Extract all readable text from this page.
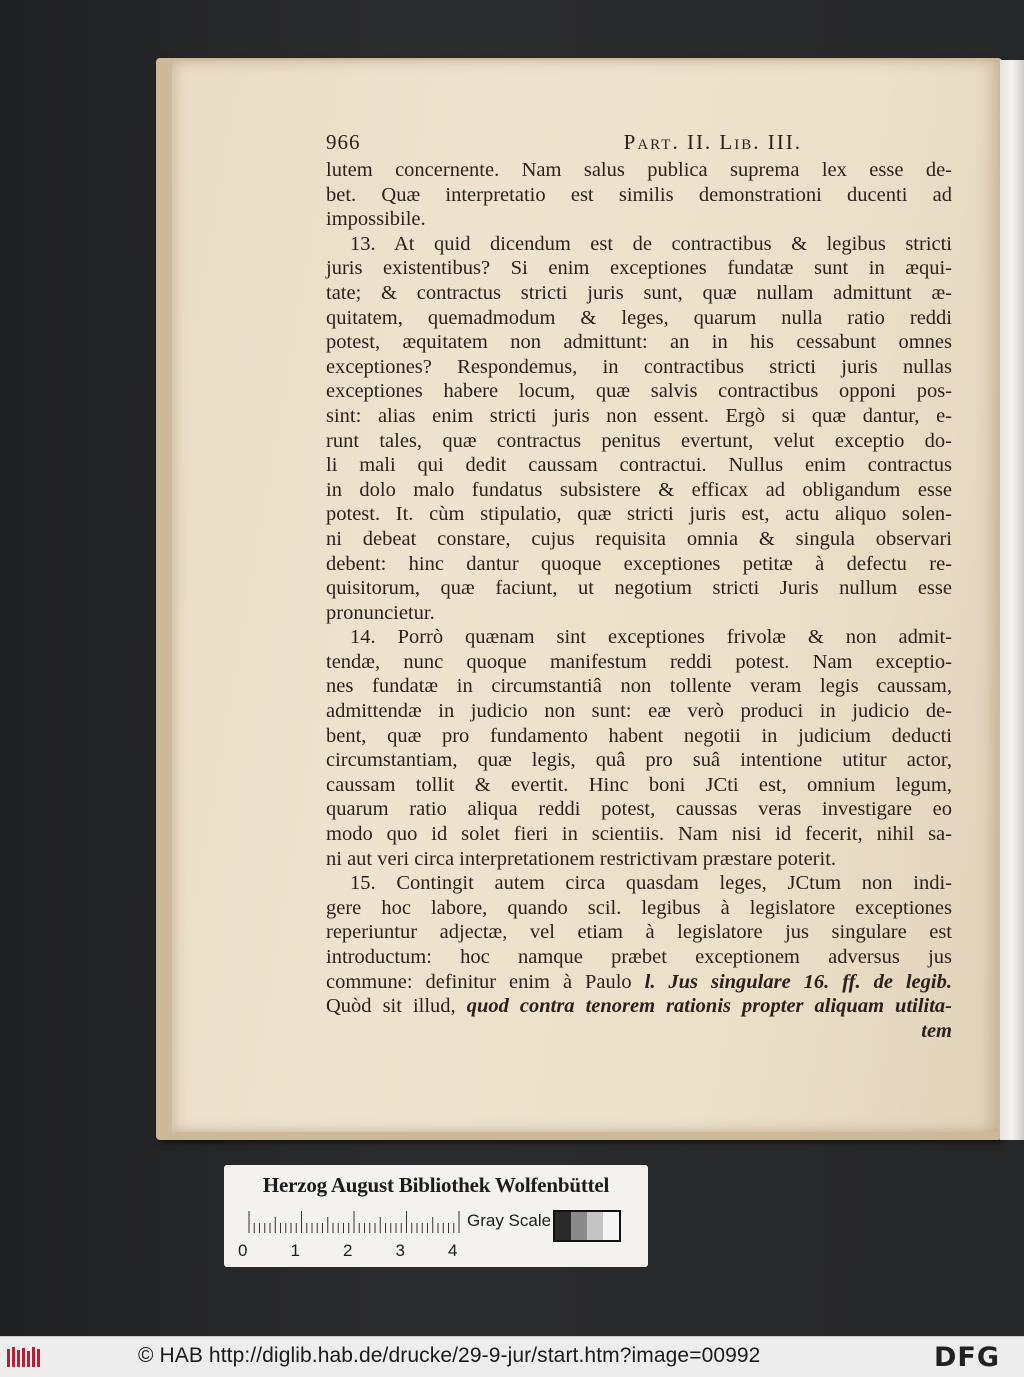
966	Part. II. Lib. III.
lutem concernente. Nam salus publica suprema lex esse de-
bet. Quæ interpretatio est similis demonstrationi ducenti ad
impossibile.
13. At quid dicendum est de contractibus & legibus stricti
juris existentibus? Si enim exceptiones fundatæ sunt in æqui-
tate; & contractus stricti juris sunt, quæ nullam admittunt æ-
quitatem, quemadmodum & leges, quarum nulla ratio reddi
potest, æquitatem non admittunt: an in his cessabunt omnes
exceptiones? Respondemus, in contractibus stricti juris nullas
exceptiones habere locum, quæ salvis contractibus opponi pos-
sint: alias enim stricti juris non essent. Ergò si quæ dantur, e-
runt tales, quæ contractus penitus evertunt, velut exceptio do-
li mali qui dedit caussam contractui. Nullus enim contractus
in dolo malo fundatus subsistere & efficax ad obligandum esse
potest. It. cùm stipulatio, quæ stricti juris est, actu aliquo solen-
ni debeat constare, cujus requisita omnia & singula observari
debent: hinc dantur quoque exceptiones petitæ à defectu re-
quisitorum, quæ faciunt, ut negotium stricti Juris nullum esse
pronuncietur.
14. Porrò quænam sint exceptiones frivolæ & non admit-
tendæ, nunc quoque manifestum reddi potest. Nam exceptio-
nes fundatæ in circumstantiâ non tollente veram legis caussam,
admittendæ in judicio non sunt: eæ verò produci in judicio de-
bent, quæ pro fundamento habent negotii in judicium deducti
circumstantiam, quæ legis, quâ pro suâ intentione utitur actor,
caussam tollit & evertit. Hinc boni JCti est, omnium legum,
quarum ratio aliqua reddi potest, caussas veras investigare eo
modo quo id solet fieri in scientiis. Nam nisi id fecerit, nihil sa-
ni aut veri circa interpretationem restrictivam præstare poterit.
15. Contingit autem circa quasdam leges, JCtum non indi-
gere hoc labore, quando scil. legibus à legislatore exceptiones
reperiuntur adjectæ, vel etiam à legislatore jus singulare est
introductum: hoc namque præbet exceptionem adversus jus
commune: definitur enim à Paulo l. Jus singulare 16. ff. de legib.
Quòd sit illud, quod contra tenorem rationis propter aliquam utilita-
tem
Herzog August Bibliothek Wolfenbüttel
Gray Scale
0	1	2	3	4
© HAB http://diglib.hab.de/drucke/29-9-jur/start.htm?image=00992	DFG
